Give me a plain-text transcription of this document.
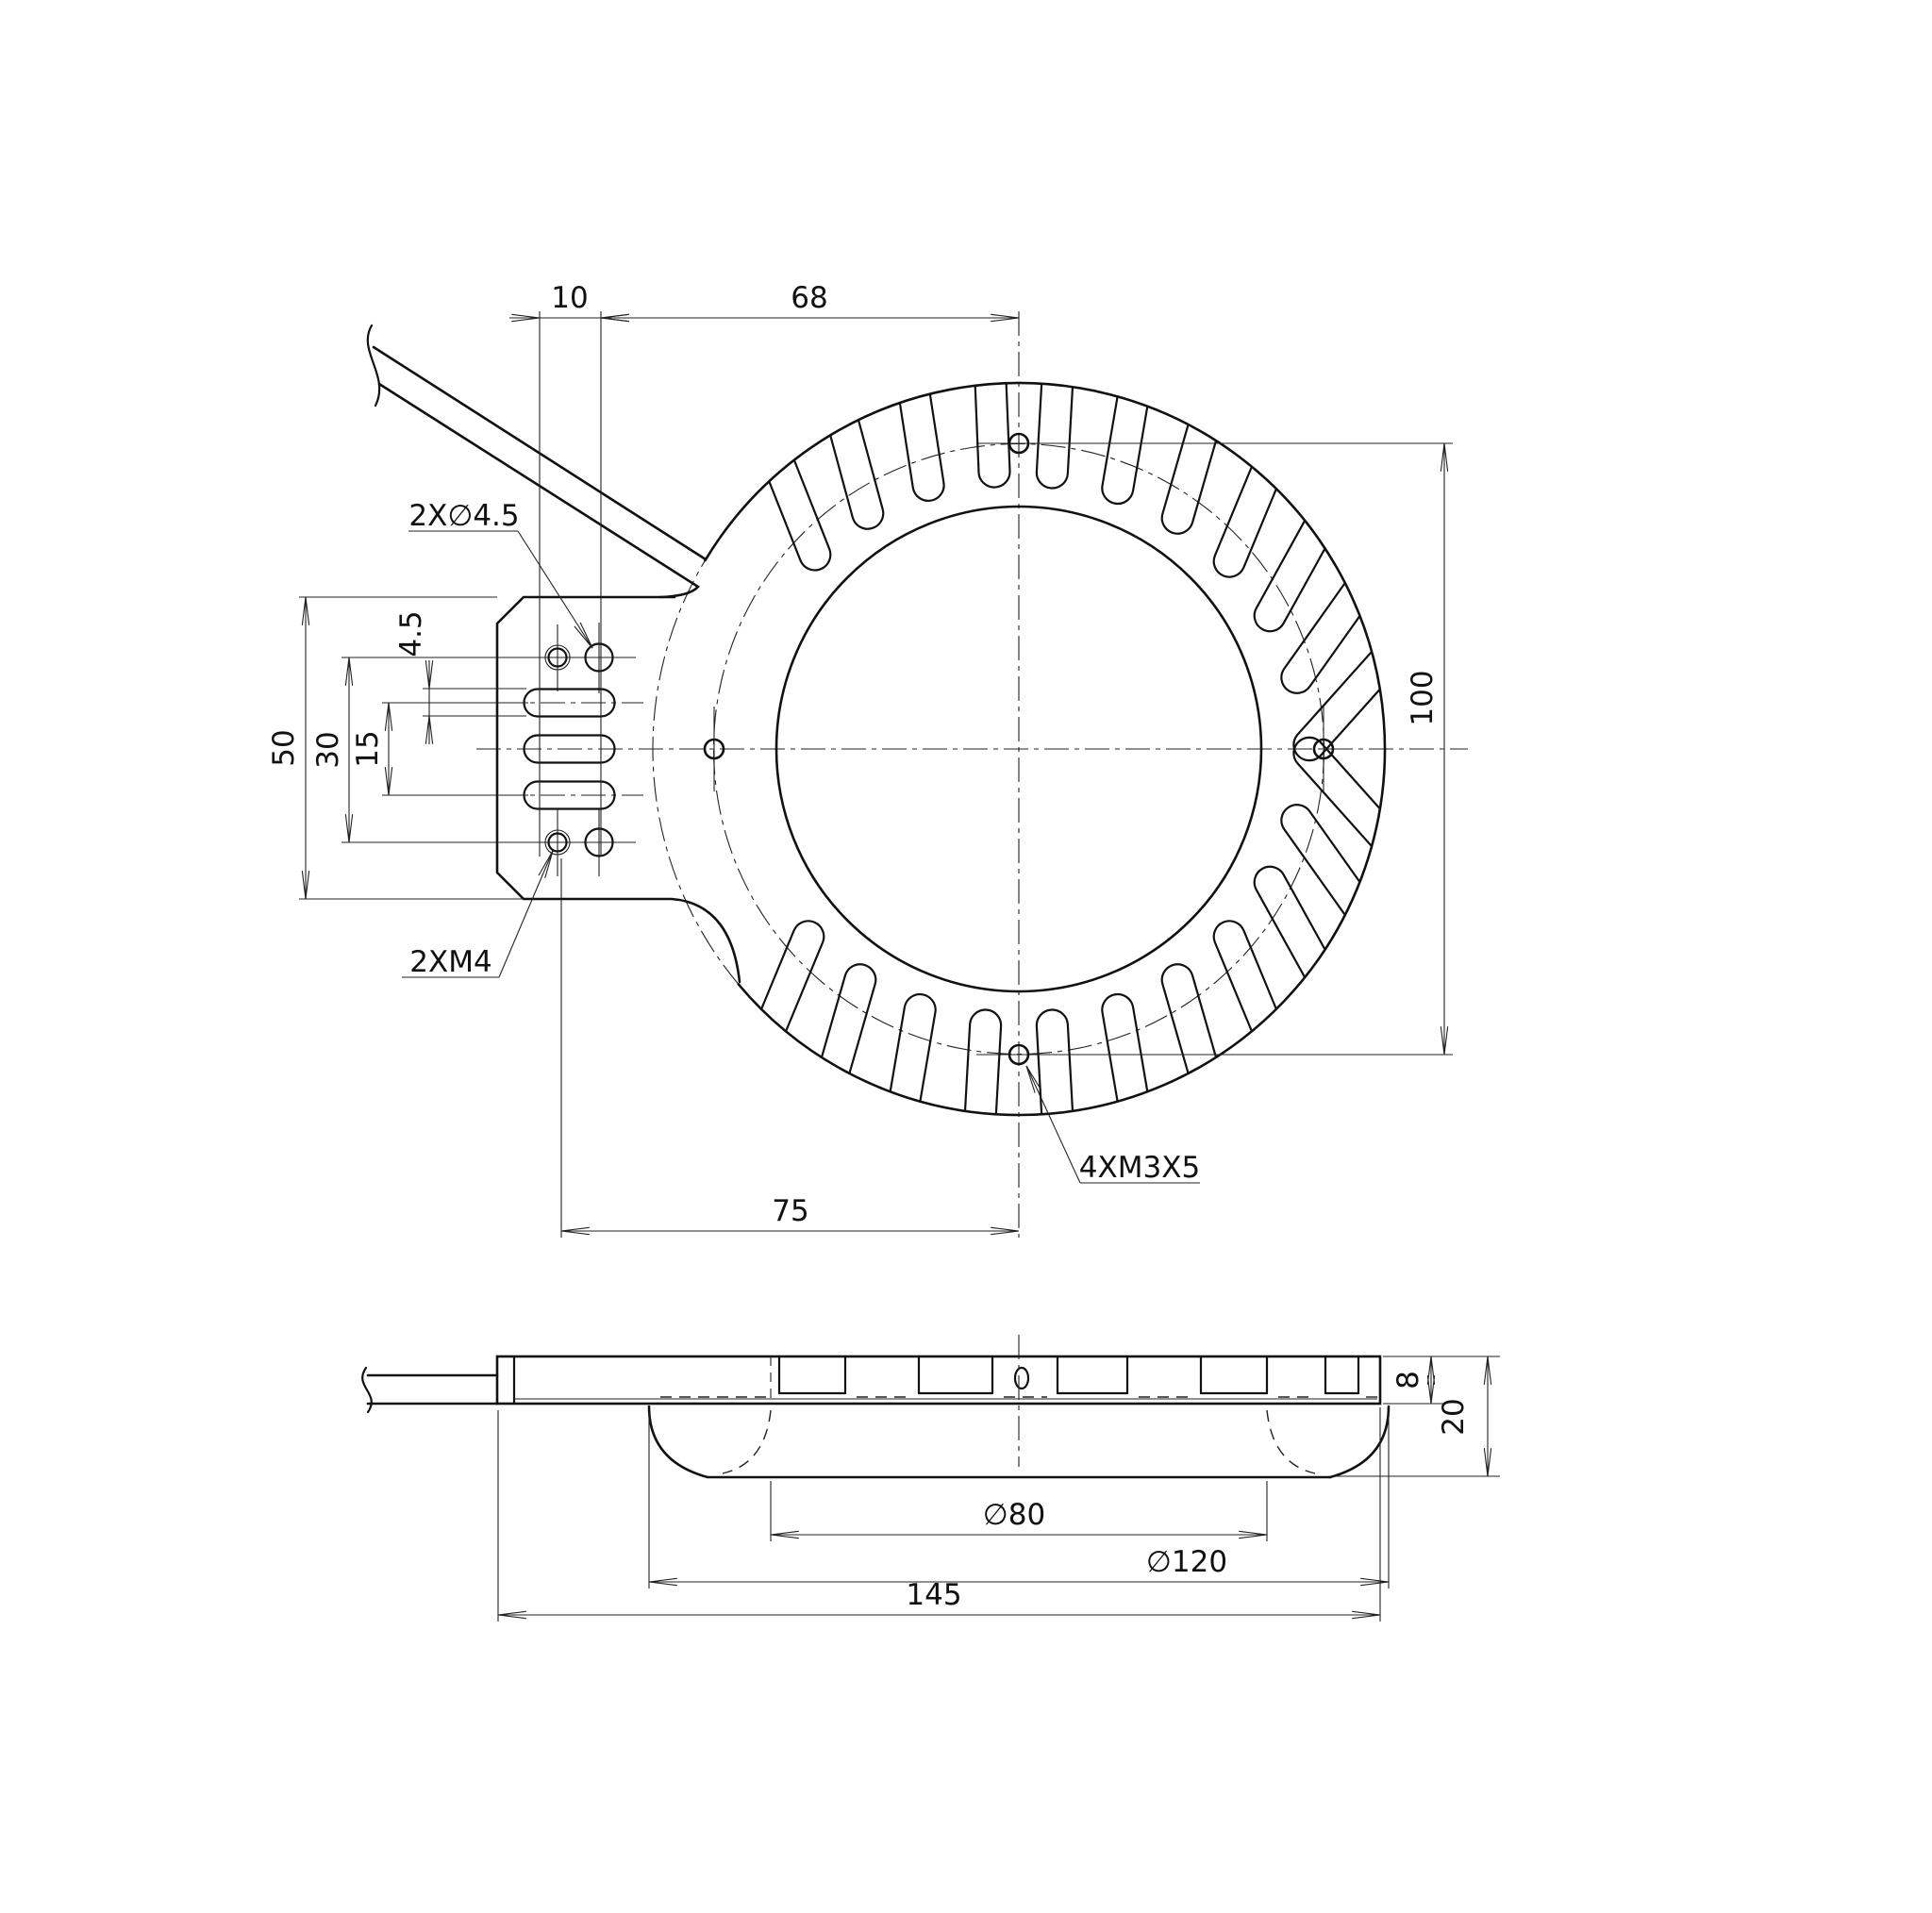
10	68
4.5
15
30
50
75
100
2X∅4.5
2XM4
4XM3X5
∅80
∅120
145
8
20
